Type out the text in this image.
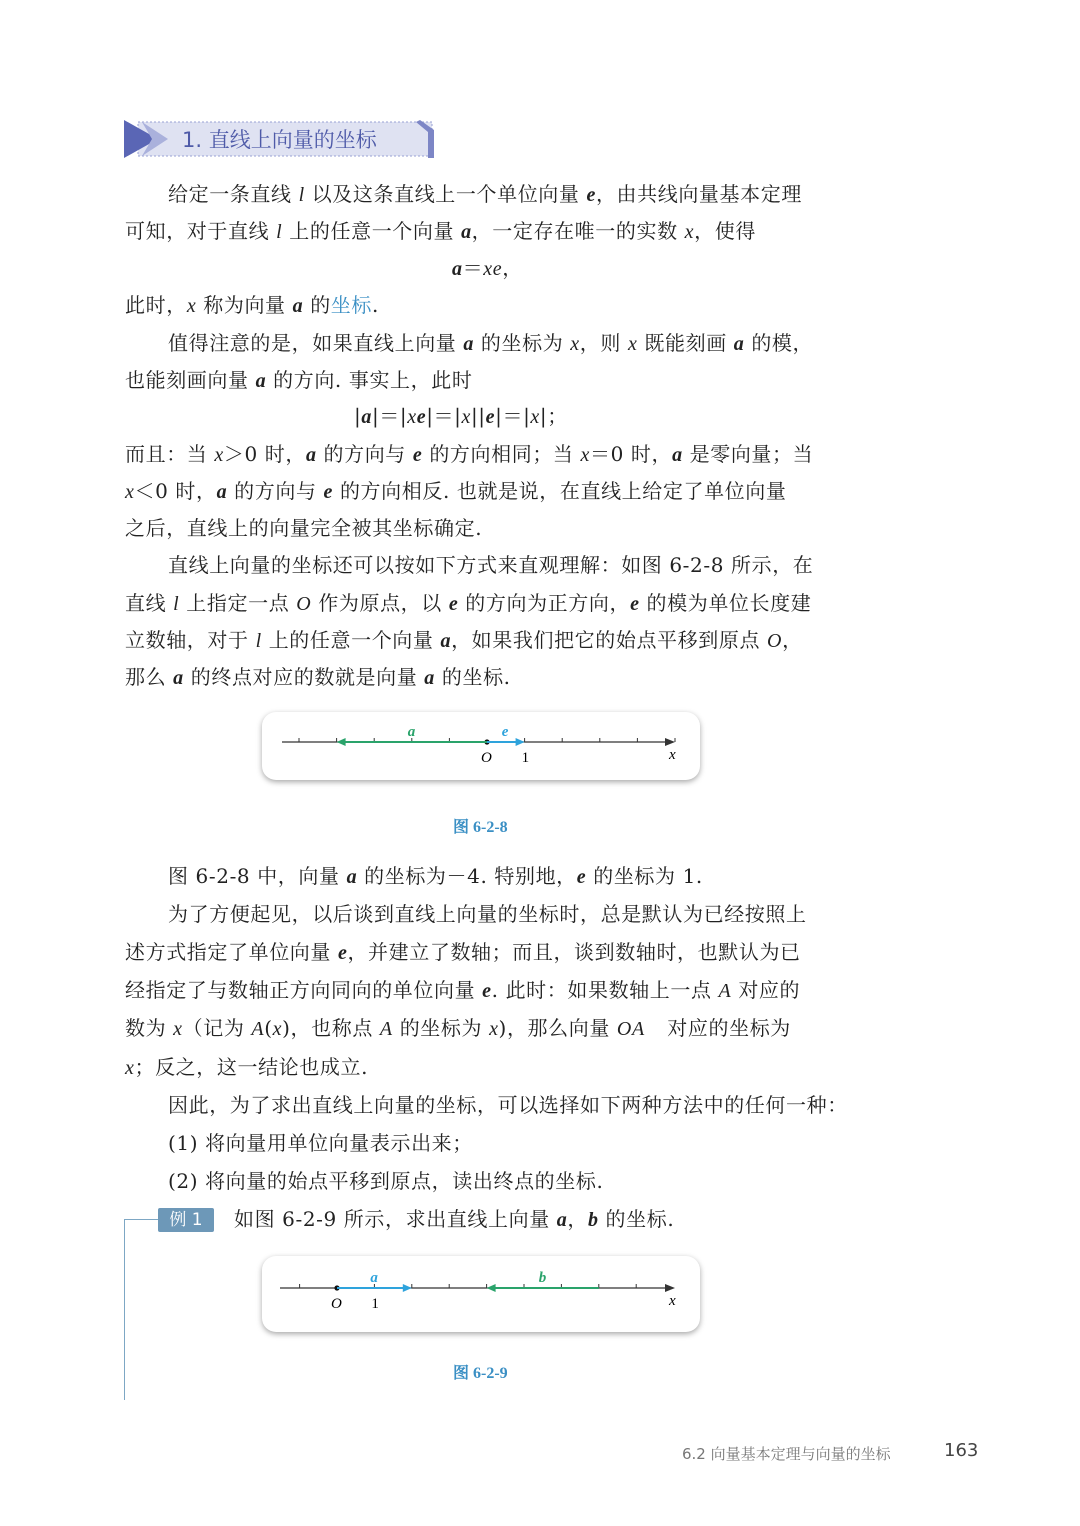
1. 直线上向量的坐标
给定一条直线 l 以及这条直线上一个单位向量 e，由共线向量基本定理
可知，对于直线 l 上的任意一个向量 a，一定存在唯一的实数 x，使得
a＝xe，
此时，x 称为向量 a 的坐标.
值得注意的是，如果直线上向量 a 的坐标为 x，则 x 既能刻画 a 的模，
也能刻画向量 a 的方向. 事实上，此时
|a|＝|xe|＝|x||e|＝|x|；
而且：当 x＞0 时，a 的方向与 e 的方向相同；当 x＝0 时，a 是零向量；当
x＜0 时，a 的方向与 e 的方向相反. 也就是说，在直线上给定了单位向量
之后，直线上的向量完全被其坐标确定.
直线上向量的坐标还可以按如下方式来直观理解：如图 6-2-8 所示，在
直线 l 上指定一点 O 作为原点，以 e 的方向为正方向，e 的模为单位长度建
立数轴，对于 l 上的任意一个向量 a，如果我们把它的始点平移到原点 O，
那么 a 的终点对应的数就是向量 a 的坐标.
图 6-2-8 中，向量 a 的坐标为－4. 特别地，e 的坐标为 1.
为了方便起见，以后谈到直线上向量的坐标时，总是默认为已经按照上
述方式指定了单位向量 e，并建立了数轴；而且，谈到数轴时，也默认为已
经指定了与数轴正方向同向的单位向量 e. 此时：如果数轴上一点 A 对应的
数为 x（记为 A(x)，也称点 A 的坐标为 x)，那么向量 OA⃗ 对应的坐标为
x；反之，这一结论也成立.
因此，为了求出直线上向量的坐标，可以选择如下两种方法中的任何一种：
(1) 将向量用单位向量表示出来；
(2) 将向量的始点平移到原点，读出终点的坐标.
如图 6-2-9 所示，求出直线上向量 a，b 的坐标.
O 1	x
a	e
图 6-2-8
例 1
O 1	x
a	b
图 6-2-9
6.2 向量基本定理与向量的坐标	163
